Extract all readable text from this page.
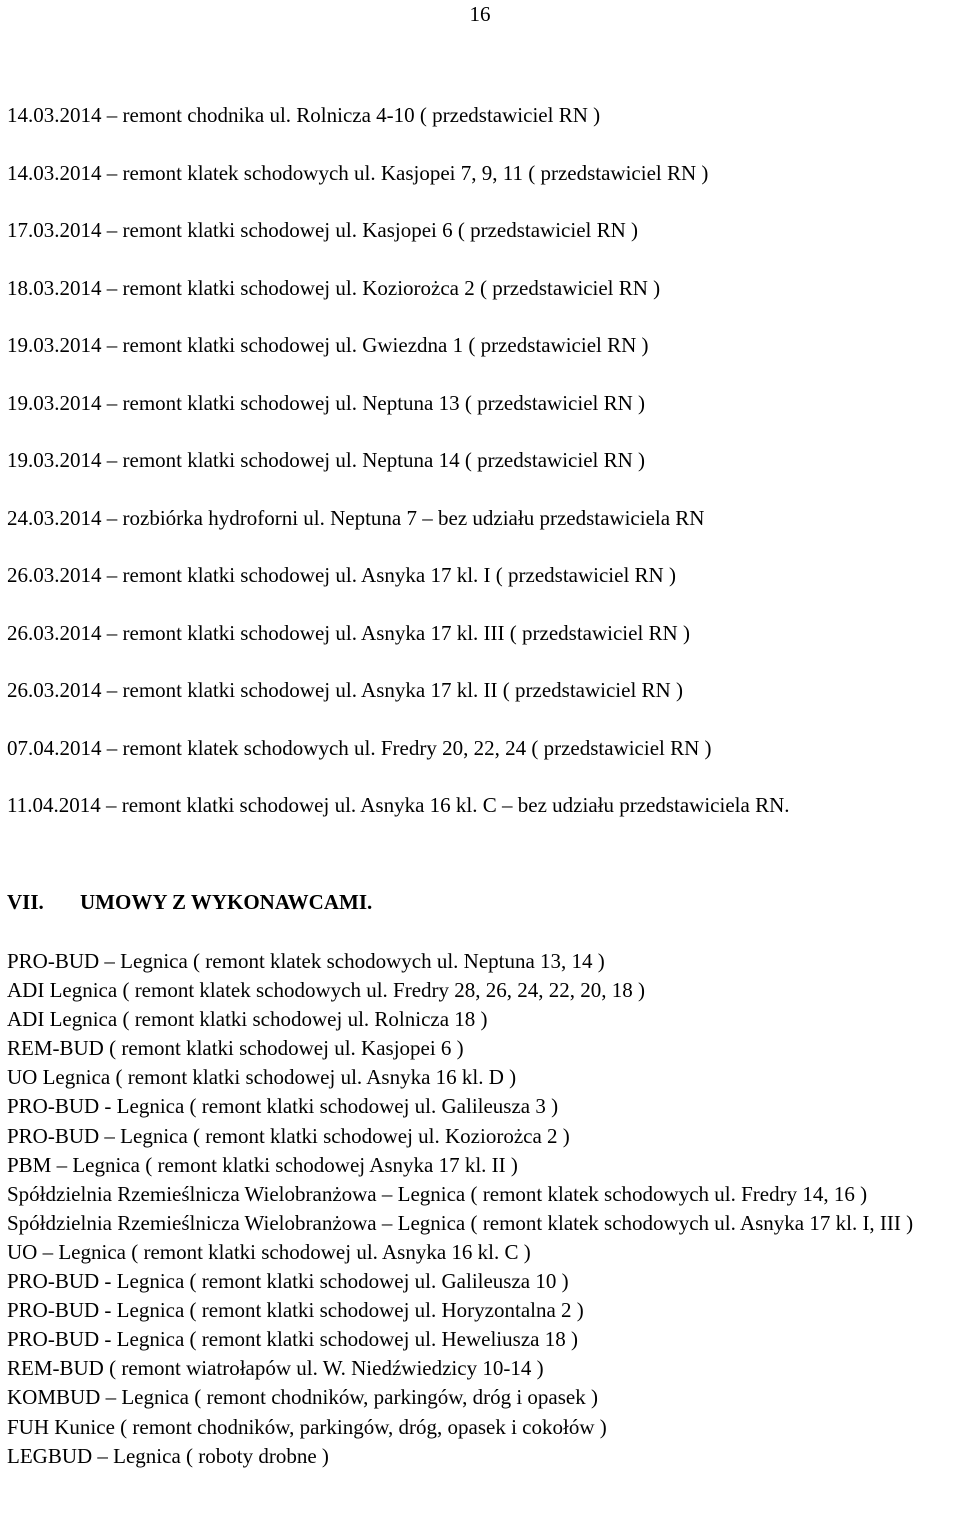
16
14.03.2014 – remont chodnika ul. Rolnicza 4-10 ( przedstawiciel RN )
14.03.2014 – remont klatek schodowych ul. Kasjopei 7, 9, 11 ( przedstawiciel RN )
17.03.2014 – remont klatki schodowej ul. Kasjopei 6 ( przedstawiciel RN )
18.03.2014 – remont klatki schodowej ul. Koziorożca 2 ( przedstawiciel RN )
19.03.2014 – remont klatki schodowej ul. Gwiezdna 1 ( przedstawiciel RN )
19.03.2014 – remont klatki schodowej ul. Neptuna 13 ( przedstawiciel RN )
19.03.2014 – remont klatki schodowej ul. Neptuna 14 ( przedstawiciel RN )
24.03.2014 – rozbiórka hydroforni ul. Neptuna 7 – bez udziału przedstawiciela RN
26.03.2014 – remont klatki schodowej ul. Asnyka 17 kl. I ( przedstawiciel RN )
26.03.2014 – remont klatki schodowej ul. Asnyka 17 kl. III ( przedstawiciel RN )
26.03.2014 – remont klatki schodowej ul. Asnyka 17 kl. II ( przedstawiciel RN )
07.04.2014 – remont klatek schodowych ul. Fredry 20, 22, 24 ( przedstawiciel RN )
11.04.2014 – remont klatki schodowej ul. Asnyka 16 kl. C – bez udziału przedstawiciela RN.
VII. UMOWY Z WYKONAWCAMI.
PRO-BUD – Legnica ( remont klatek schodowych ul. Neptuna 13, 14 )
ADI Legnica ( remont klatek schodowych ul. Fredry 28, 26, 24, 22, 20, 18 )
ADI Legnica ( remont klatki schodowej ul. Rolnicza 18 )
REM-BUD ( remont klatki schodowej ul. Kasjopei 6 )
UO Legnica ( remont klatki schodowej ul. Asnyka 16 kl. D )
PRO-BUD - Legnica ( remont klatki schodowej ul. Galileusza 3 )
PRO-BUD – Legnica ( remont klatki schodowej ul. Koziorożca 2 )
PBM – Legnica ( remont klatki schodowej Asnyka 17 kl. II )
Spółdzielnia Rzemieślnicza Wielobranżowa – Legnica ( remont klatek schodowych ul. Fredry 14, 16 )
Spółdzielnia Rzemieślnicza Wielobranżowa – Legnica ( remont klatek schodowych ul. Asnyka 17 kl. I, III )
UO – Legnica ( remont klatki schodowej ul. Asnyka 16 kl. C )
PRO-BUD - Legnica ( remont klatki schodowej ul. Galileusza 10 )
PRO-BUD - Legnica ( remont klatki schodowej ul. Horyzontalna 2 )
PRO-BUD - Legnica ( remont klatki schodowej ul. Heweliusza 18 )
REM-BUD ( remont wiatrołapów ul. W. Niedźwiedzicy 10-14 )
KOMBUD – Legnica ( remont chodników, parkingów, dróg i opasek )
FUH Kunice ( remont chodników, parkingów, dróg, opasek i cokołów )
LEGBUD – Legnica ( roboty drobne )
